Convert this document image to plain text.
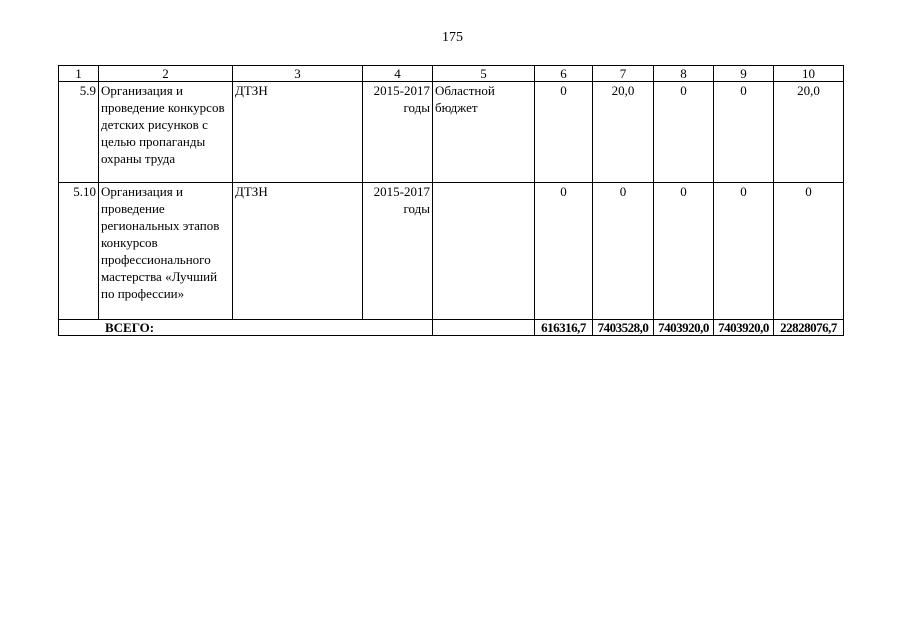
175
1	2	3	4	5	6	7	8	9	10
5.9	Организация и проведение конкурсов детских рисунков с целью пропаганды охраны труда	ДТЗН	2015-2017 годы	Областной бюджет	0	20,0	0	0	20,0
5.10	Организация и проведение региональных этапов конкурсов профессионального мастерства «Лучший по профессии»	ДТЗН	2015-2017 годы		0	0	0	0	0
ВСЕГО:					616316,7	7403528,0	7403920,0	7403920,0	22828076,7
